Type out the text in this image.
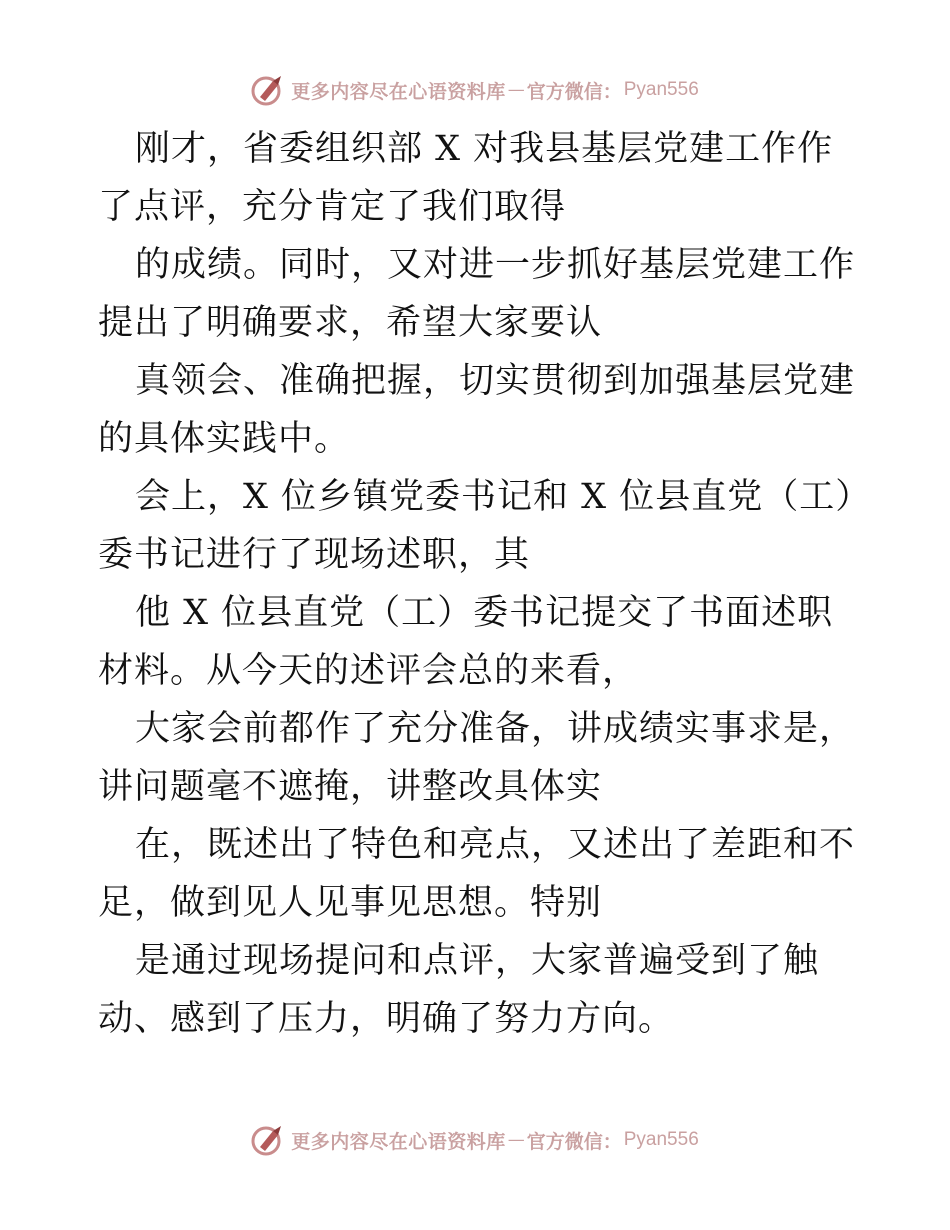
更多内容尽在心语资料库 — 官方微信： Pyan556

刚才，省委组织部 X 对我县基层党建工作作了点评，充分肯定了我们取得

的成绩。同时，又对进一步抓好基层党建工作提出了明确要求，希望大家要认

真领会、准确把握，切实贯彻到加强基层党建的具体实践中。

会上，X 位乡镇党委书记和 X 位县直党（工）委书记进行了现场述职，其

他 X 位县直党（工）委书记提交了书面述职材料。从今天的述评会总的来看，

大家会前都作了充分准备，讲成绩实事求是，讲问题毫不遮掩，讲整改具体实

在，既述出了特色和亮点，又述出了差距和不足，做到见人见事见思想。特别

是通过现场提问和点评，大家普遍受到了触动、感到了压力，明确了努力方向。

更多内容尽在心语资料库 — 官方微信： Pyan556
